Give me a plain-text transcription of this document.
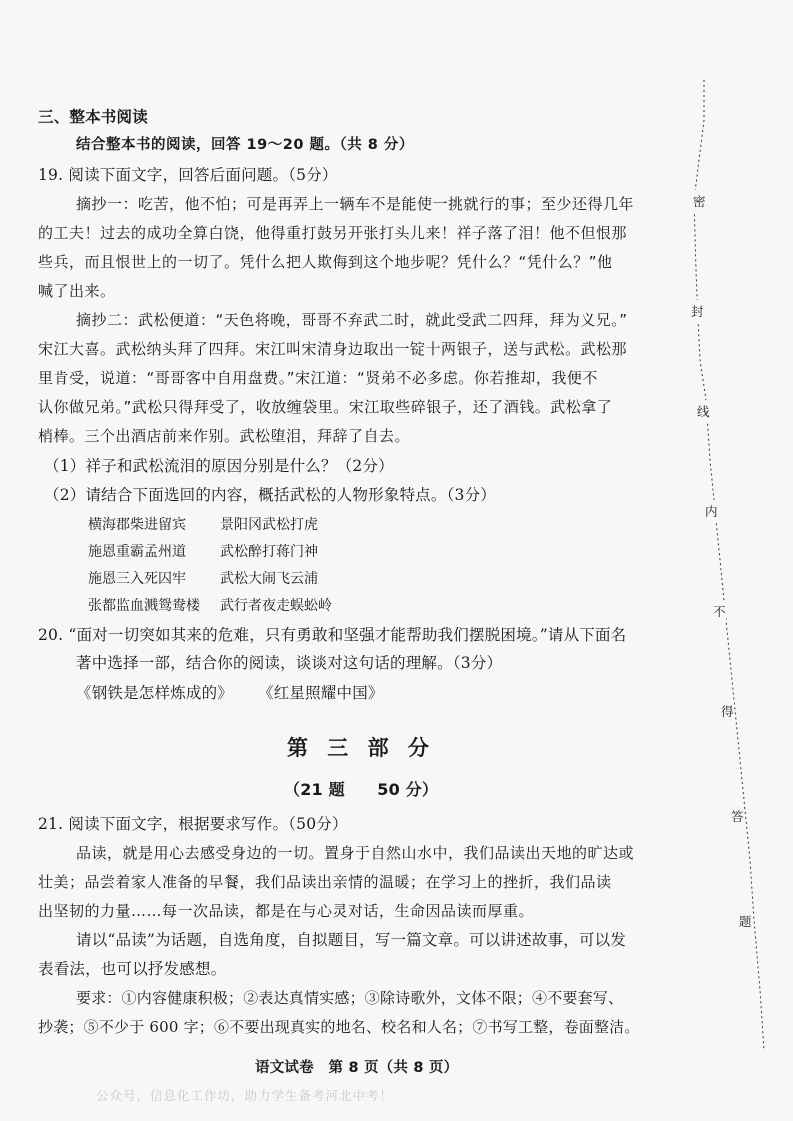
三、整本书阅读
结合整本书的阅读，回答 19～20 题。（共 8 分）
19. 阅读下面文字，回答后面问题。（5分）
摘抄一：吃苦，他不怕；可是再弄上一辆车不是能使一挑就行的事；至少还得几年
的工夫！过去的成功全算白饶，他得重打鼓另开张打头儿来！祥子落了泪！他不但恨那
些兵，而且恨世上的一切了。凭什么把人欺侮到这个地步呢？凭什么？“凭什么？”他
喊了出来。
摘抄二：武松便道：“天色将晚，哥哥不弃武二时，就此受武二四拜，拜为义兄。”
宋江大喜。武松纳头拜了四拜。宋江叫宋清身边取出一锭十两银子，送与武松。武松那
里肯受，说道：“哥哥客中自用盘费。”宋江道：“贤弟不必多虑。你若推却，我便不
认你做兄弟。”武松只得拜受了，收放缠袋里。宋江取些碎银子，还了酒钱。武松拿了
梢棒。三个出酒店前来作别。武松堕泪，拜辞了自去。
（1）祥子和武松流泪的原因分别是什么？（2分）
（2）请结合下面选回的内容，概括武松的人物形象特点。（3分）
横海郡柴进留宾 景阳冈武松打虎
施恩重霸孟州道 武松醉打蒋门神
施恩三入死囚牢 武松大闹飞云浦
张都监血溅鸳鸯楼 武行者夜走蜈蚣岭
20. “面对一切突如其来的危难，只有勇敢和坚强才能帮助我们摆脱困境。”请从下面名
著中选择一部，结合你的阅读，谈谈对这句话的理解。（3分）
《钢铁是怎样炼成的》 《红星照耀中国》
第 三 部 分
（21 题　　50 分）
21. 阅读下面文字，根据要求写作。（50分）
品读，就是用心去感受身边的一切。置身于自然山水中，我们品读出天地的旷达或
壮美；品尝着家人准备的早餐，我们品读出亲情的温暖；在学习上的挫折，我们品读
出坚韧的力量……每一次品读，都是在与心灵对话，生命因品读而厚重。
请以“品读”为话题，自选角度，自拟题目，写一篇文章。可以讲述故事，可以发
表看法，也可以抒发感想。
要求：①内容健康积极；②表达真情实感；③除诗歌外，文体不限；④不要套写、
抄袭；⑤不少于 600 字；⑥不要出现真实的地名、校名和人名；⑦书写工整，卷面整洁。
语文试卷　第 8 页（共 8 页）
公众号，信息化工作坊，助力学生备考河北中考！
密
封
线
内
不
得
答
题
